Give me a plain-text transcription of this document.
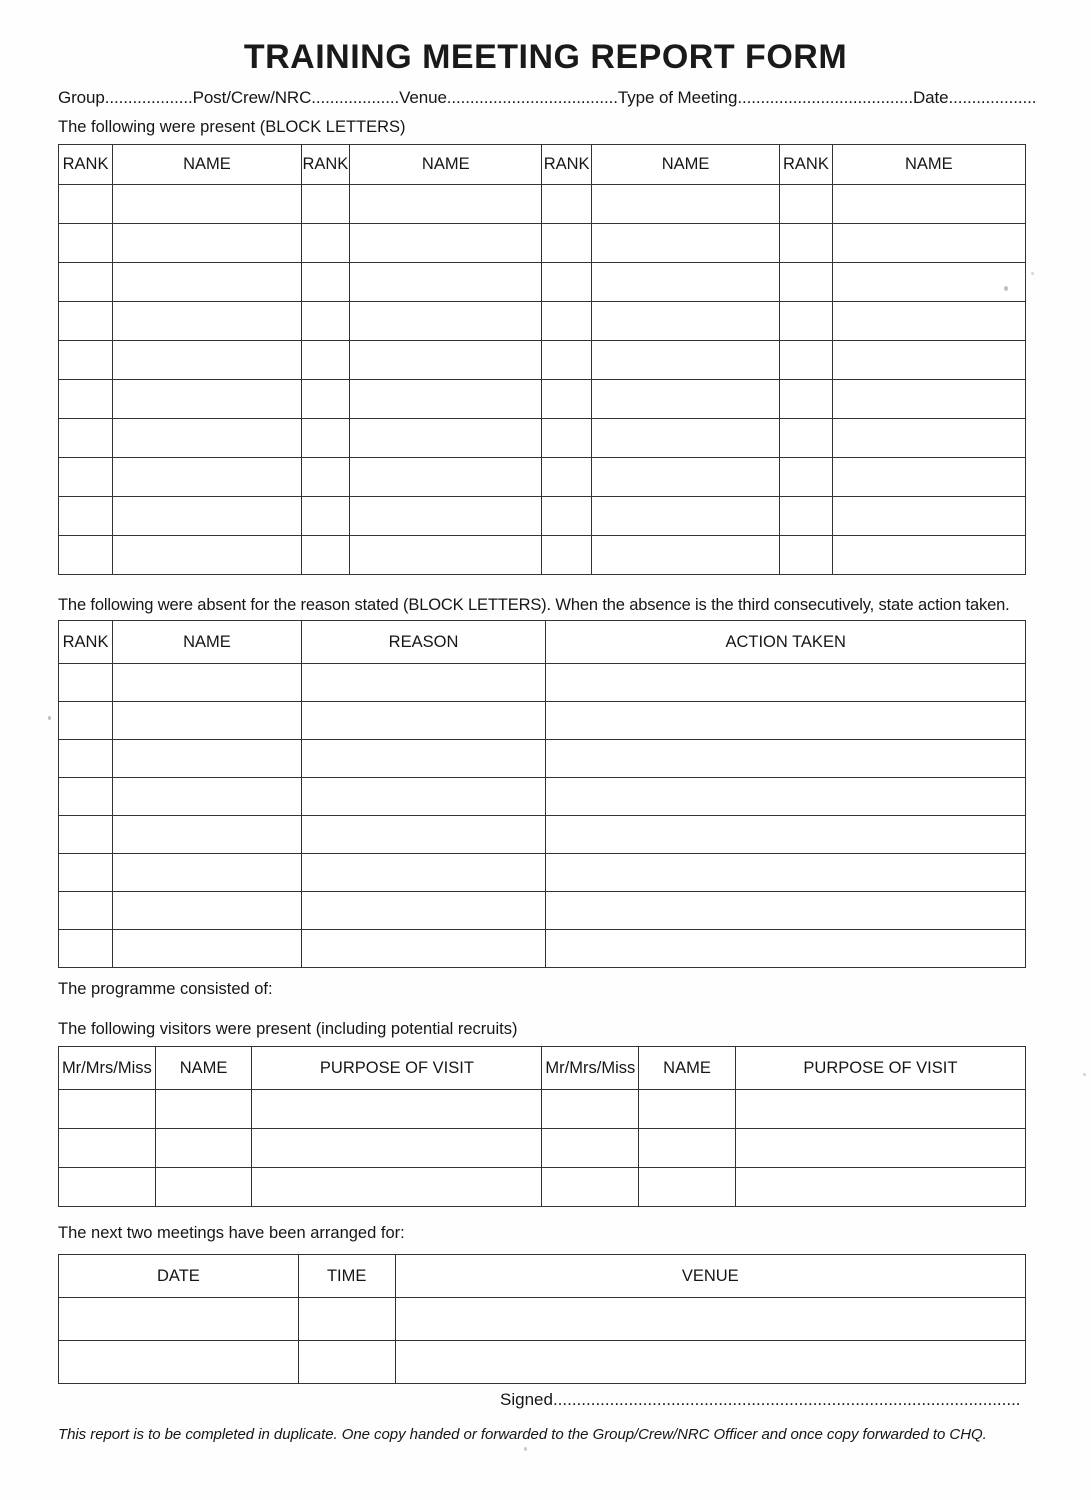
TRAINING MEETING REPORT FORM
Group...................Post/Crew/NRC...................Venue.....................................Type of Meeting......................................Date...................
The following were present (BLOCK LETTERS)
RANK	NAME	RANK	NAME	RANK	NAME	RANK	NAME

The following were absent for the reason stated (BLOCK LETTERS). When the absence is the third consecutively, state action taken.
RANK	NAME	REASON	ACTION TAKEN

The programme consisted of:
The following visitors were present (including potential recruits)
Mr/Mrs/Miss	NAME	PURPOSE OF VISIT	Mr/Mrs/Miss	NAME	PURPOSE OF VISIT

The next two meetings have been arranged for:
DATE	TIME	VENUE

Signed...................................................................................................
This report is to be completed in duplicate. One copy handed or forwarded to the Group/Crew/NRC Officer and once copy forwarded to CHQ.
